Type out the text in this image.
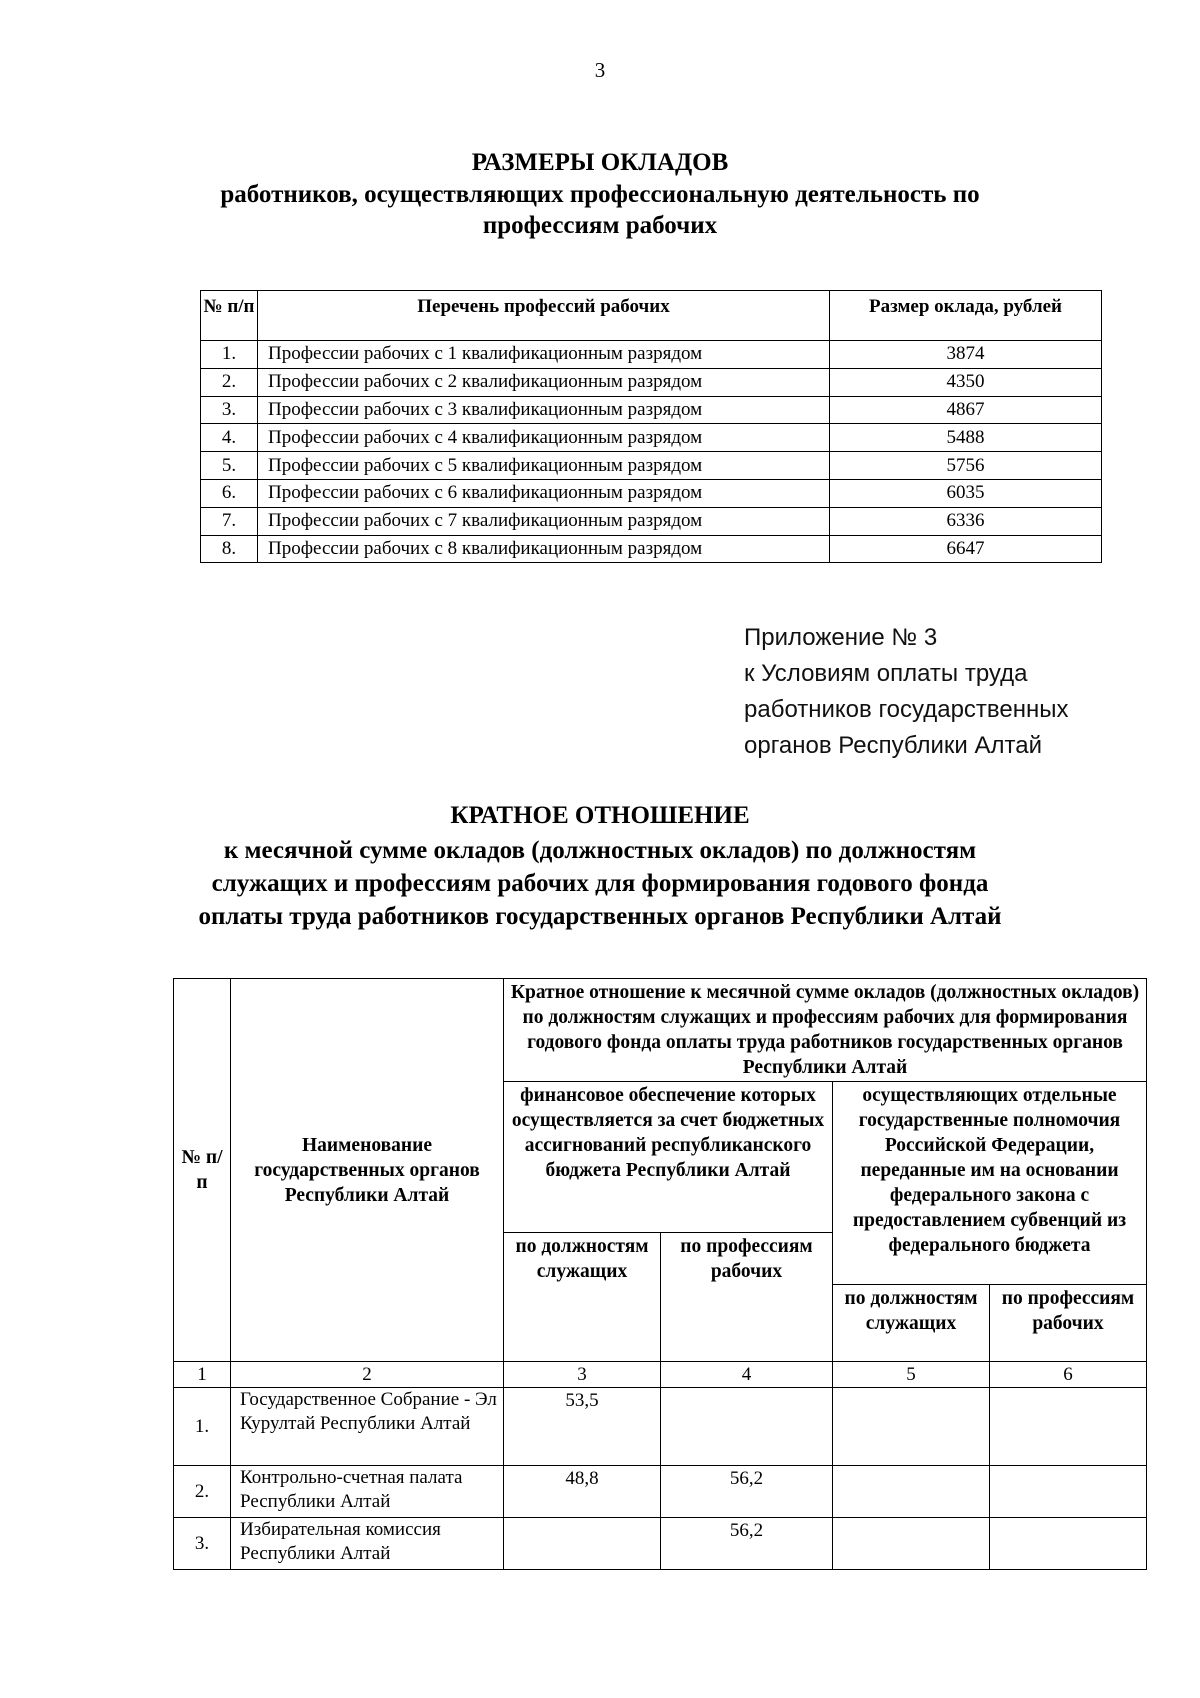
3
РАЗМЕРЫ ОКЛАДОВ
работников, осуществляющих профессиональную деятельность по
профессиям рабочих
№ п/п	Перечень профессий рабочих	Размер оклада, рублей
1.	Профессии рабочих с 1 квалификационным разрядом	3874
2.	Профессии рабочих с 2 квалификационным разрядом	4350
3.	Профессии рабочих с 3 квалификационным разрядом	4867
4.	Профессии рабочих с 4 квалификационным разрядом	5488
5.	Профессии рабочих с 5 квалификационным разрядом	5756
6.	Профессии рабочих с 6 квалификационным разрядом	6035
7.	Профессии рабочих с 7 квалификационным разрядом	6336
8.	Профессии рабочих с 8 квалификационным разрядом	6647
Приложение № 3
к Условиям оплаты труда
работников государственных
органов Республики Алтай
КРАТНОЕ ОТНОШЕНИЕ
к месячной сумме окладов (должностных окладов) по должностям
служащих и профессиям рабочих для формирования годового фонда
оплаты труда работников государственных органов Республики Алтай
№ п/п	Наименование государственных органов Республики Алтай	Кратное отношение к месячной сумме окладов (должностных окладов) по должностям служащих и профессиям рабочих для формирования годового фонда оплаты труда работников государственных органов Республики Алтай			
		финансовое обеспечение которых осуществляется за счет бюджетных ассигнований республиканского бюджета Республики Алтай		осуществляющих отдельные государственные полномочия Российской Федерации, переданные им на основании федерального закона с предоставлением субвенций из федерального бюджета	
		по должностям служащих	по профессиям рабочих		
				по должностям служащих	по профессиям рабочих
1	2	3	4	5	6
1.	Государственное Собрание - Эл Курултай Республики Алтай	53,5			
2.	Контрольно-счетная палата Республики Алтай	48,8	56,2		
3.	Избирательная комиссия Республики Алтай		56,2		
